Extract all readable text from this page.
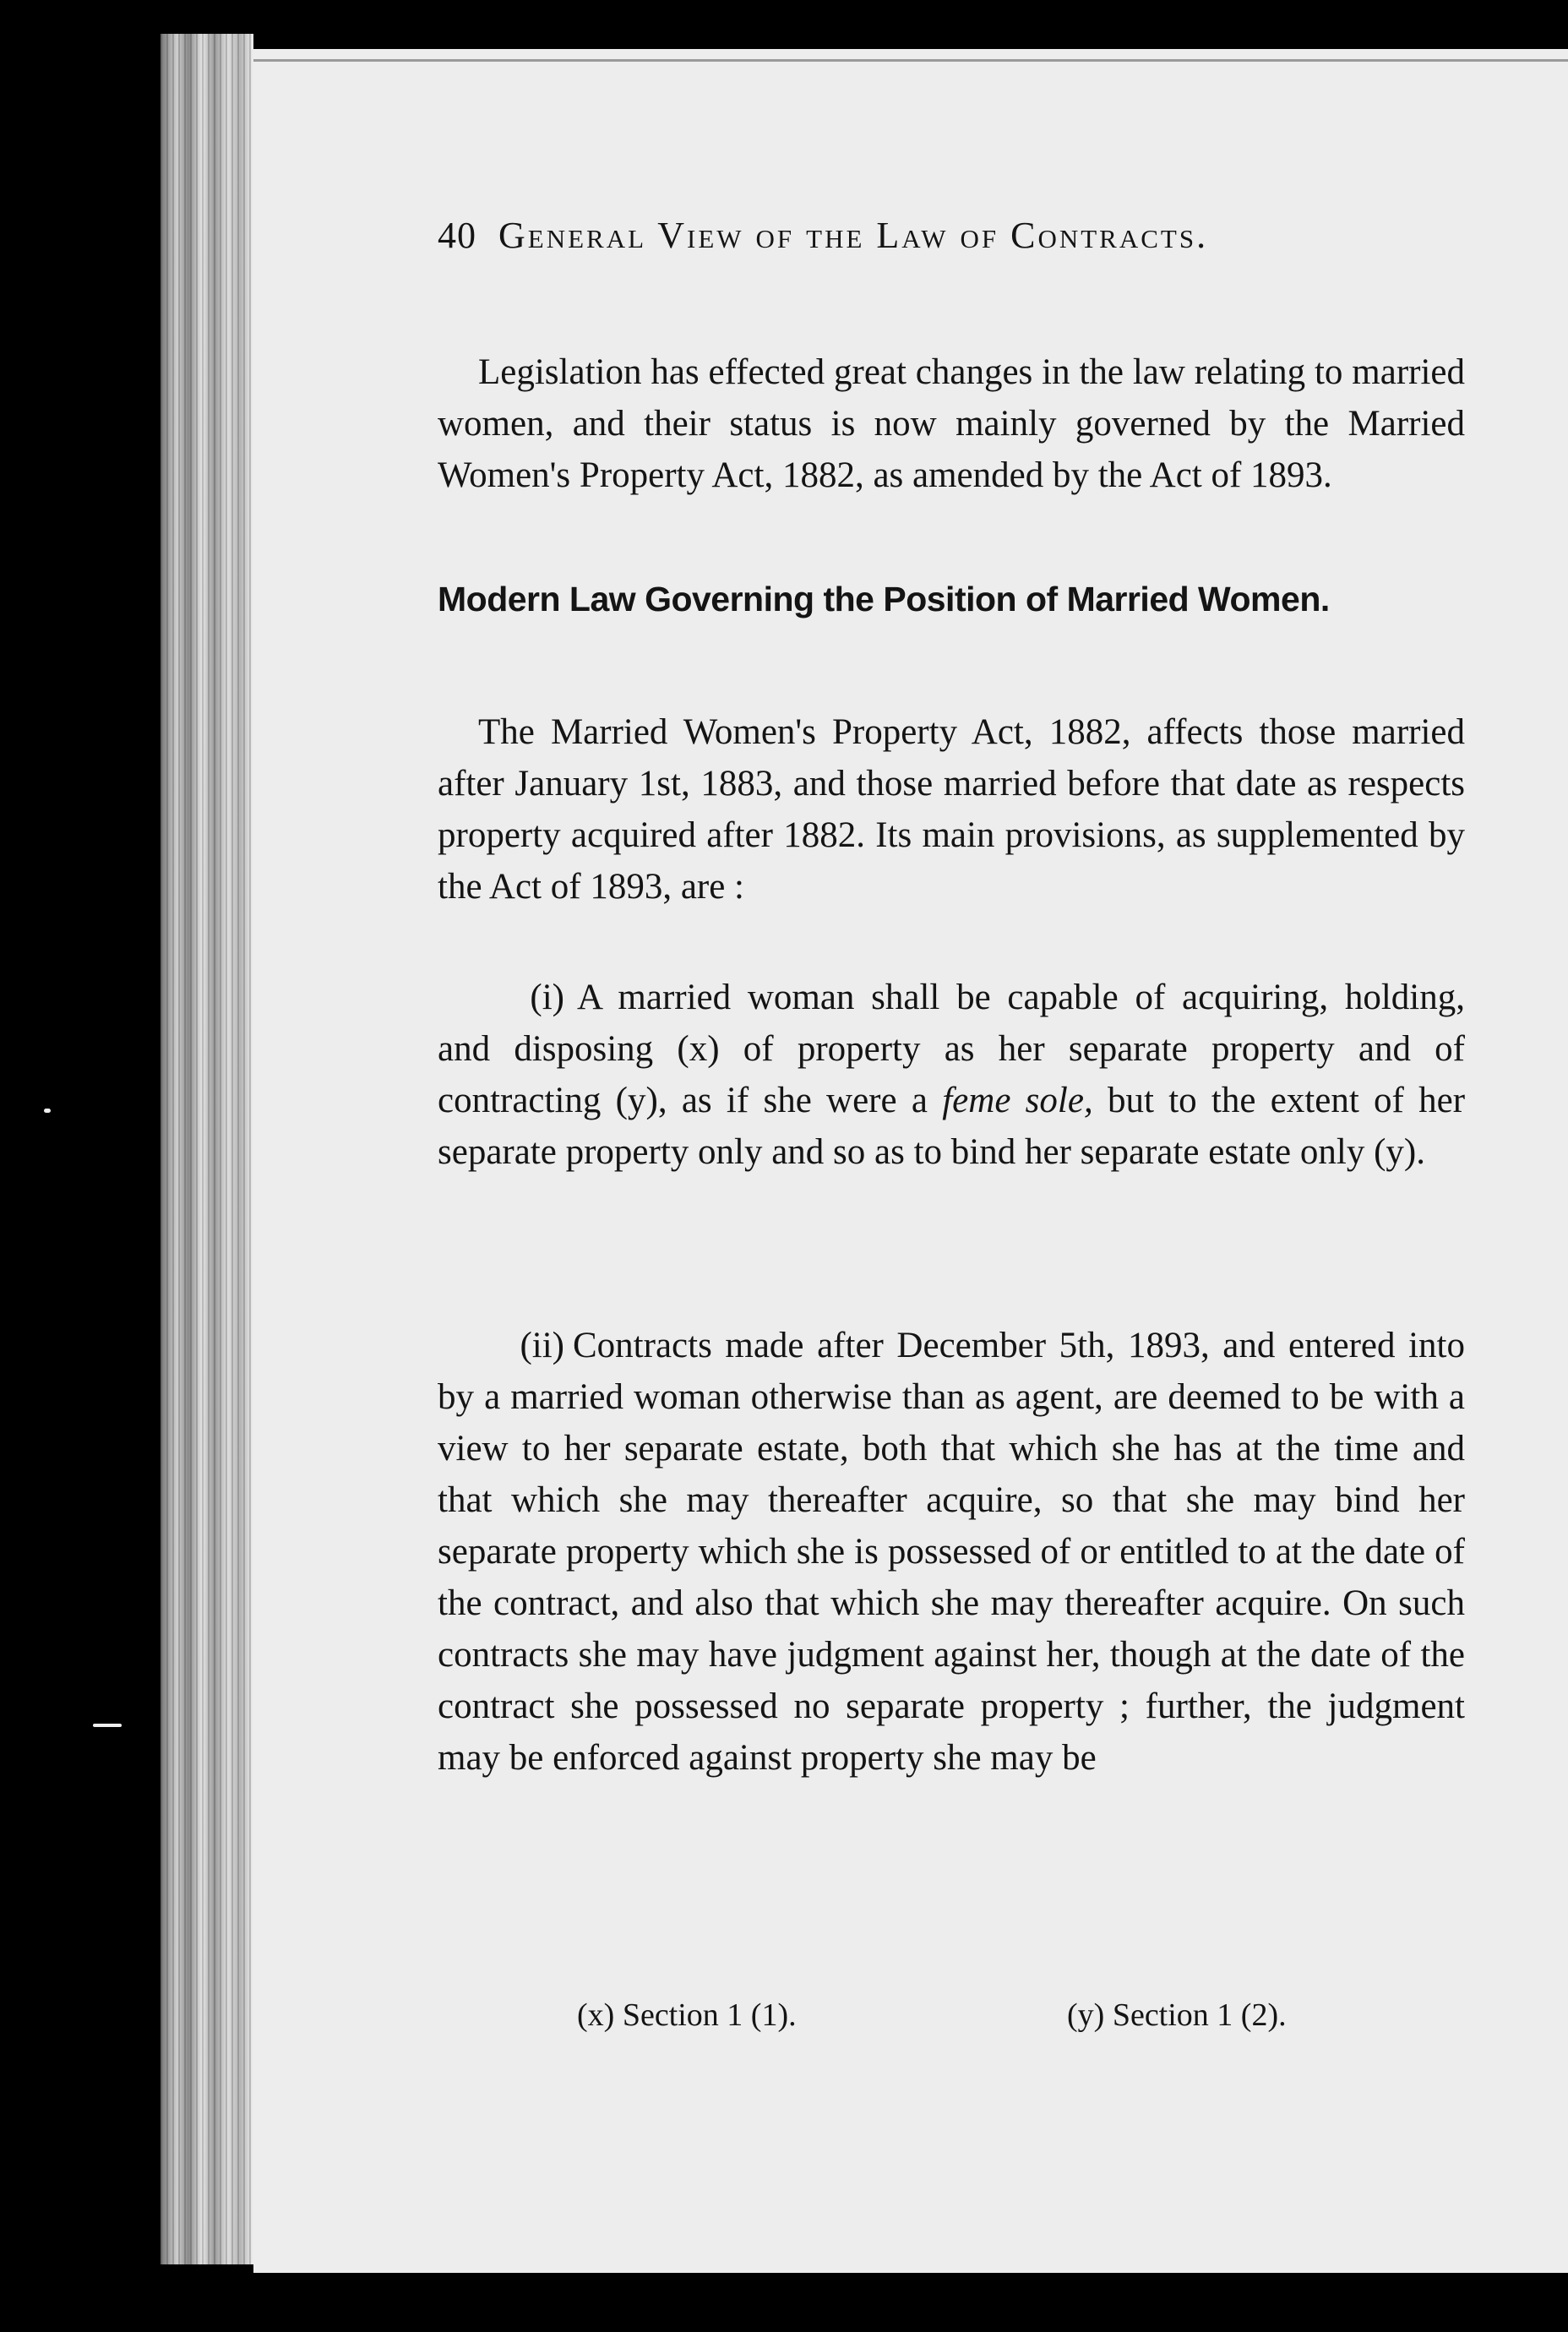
40 General View of the Law of Contracts.

Legislation has effected great changes in the law relating to married women, and their status is now mainly governed by the Married Women's Property Act, 1882, as amended by the Act of 1893.

Modern Law Governing the Position of Married Women.

The Married Women's Property Act, 1882, affects those married after January 1st, 1883, and those married before that date as respects property acquired after 1882. Its main provisions, as supplemented by the Act of 1893, are :

(i) A married woman shall be capable of acquiring, holding, and disposing (x) of property as her separate property and of contracting (y), as if she were a feme sole, but to the extent of her separate property only and so as to bind her separate estate only (y).
(ii) Contracts made after December 5th, 1893, and entered into by a married woman otherwise than as agent, are deemed to be with a view to her separate estate, both that which she has at the time and that which she may thereafter acquire, so that she may bind her separate property which she is possessed of or entitled to at the date of the contract, and also that which she may thereafter acquire. On such contracts she may have judgment against her, though at the date of the contract she possessed no separate property ; further, the judgment may be enforced against property she may be
(x) Section 1 (1).	(y) Section 1 (2).
